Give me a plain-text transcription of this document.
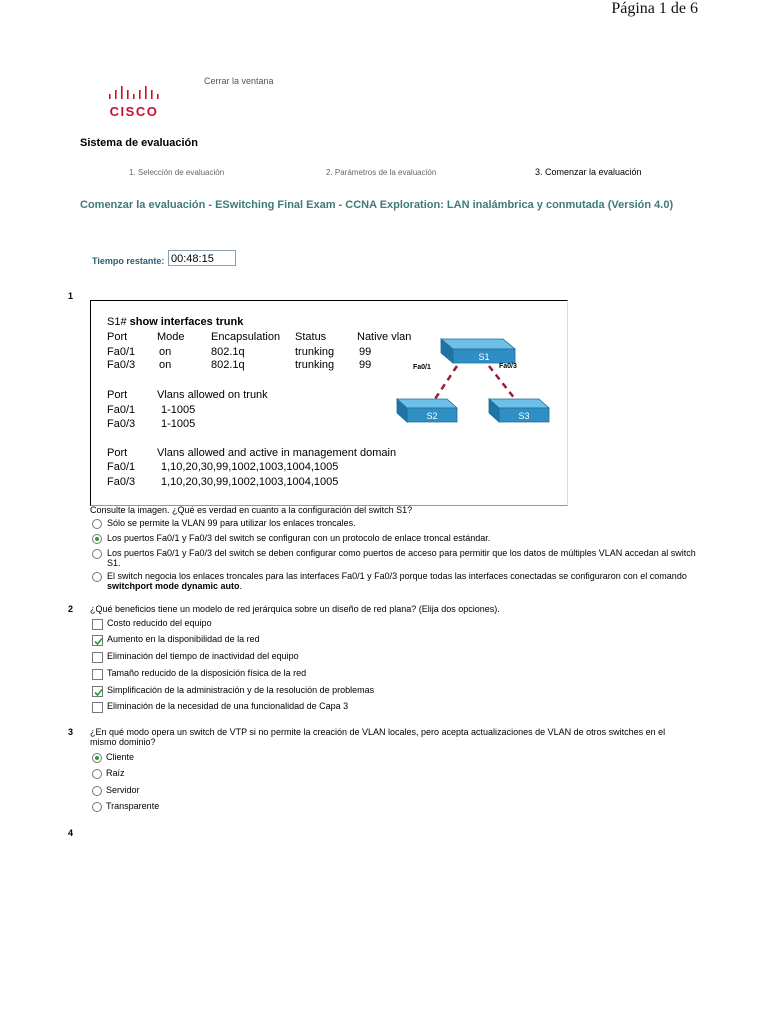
Página 1 de 6
CISCO
Cerrar la ventana
Sistema de evaluación
1. Selección de evaluación	2. Parámetros de la evaluación	3. Comenzar la evaluación
Comenzar la evaluación - ESwitching Final Exam - CCNA Exploration: LAN inalámbrica y conmutada (Versión 4.0)
Tiempo restante: 00:48:15
1
S1# show interfaces trunk
Port	Mode Encapsulation Status	Native vlan
Fa0/1 on	802.1q	trunking 99
Fa0/3 on	802.1q	trunking 99
Port	Vlans allowed on trunk
Fa0/1 1-1005
Fa0/3 1-1005
Port	Vlans allowed and active in management domain
Fa0/1 1,10,20,30,99,1002,1003,1004,1005
Fa0/3 1,10,20,30,99,1002,1003,1004,1005
S1
S2	S3
Fa0/1	Fa0/3
Consulte la imagen. ¿Qué es verdad en cuanto a la configuración del switch S1?
Sólo se permite la VLAN 99 para utilizar los enlaces troncales.
Los puertos Fa0/1 y Fa0/3 del switch se configuran con un protocolo de enlace troncal estándar.
Los puertos Fa0/1 y Fa0/3 del switch se deben configurar como puertos de acceso para permitir que los datos de múltiples VLAN accedan al switch S1.
El switch negocia los enlaces troncales para las interfaces Fa0/1 y Fa0/3 porque todas las interfaces conectadas se configuraron con el comando switchport mode dynamic auto.
2 ¿Qué beneficios tiene un modelo de red jerárquica sobre un diseño de red plana? (Elija dos opciones).
Costo reducido del equipo
Aumento en la disponibilidad de la red
Eliminación del tiempo de inactividad del equipo
Tamaño reducido de la disposición física de la red
Simplificación de la administración y de la resolución de problemas
Eliminación de la necesidad de una funcionalidad de Capa 3
3 ¿En qué modo opera un switch de VTP si no permite la creación de VLAN locales, pero acepta actualizaciones de VLAN de otros switches en el mismo dominio?
Cliente
Raíz
Servidor
Transparente
4
